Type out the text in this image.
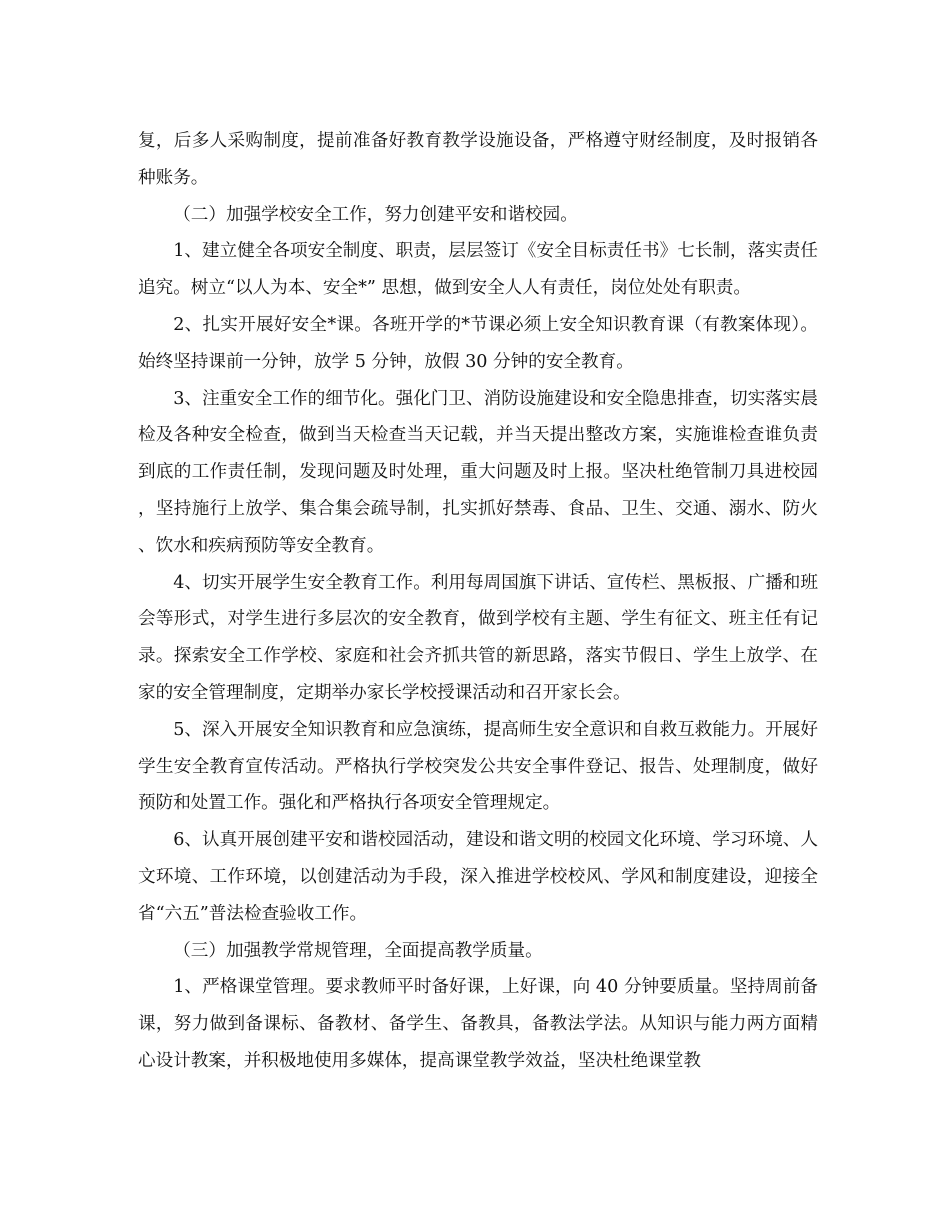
复，后多人采购制度，提前准备好教育教学设施设备，严格遵守财经制度，及时报销各种账务。

（二）加强学校安全工作，努力创建平安和谐校园。

1、建立健全各项安全制度、职责，层层签订《安全目标责任书》七长制，落实责任追究。树立“以人为本、安全*” 思想，做到安全人人有责任，岗位处处有职责。

2、扎实开展好安全*课。各班开学的*节课必须上安全知识教育课（有教案体现）。始终坚持课前一分钟，放学 5 分钟，放假 30 分钟的安全教育。

3、注重安全工作的细节化。强化门卫、消防设施建设和安全隐患排查，切实落实晨检及各种安全检查，做到当天检查当天记载，并当天提出整改方案，实施谁检查谁负责到底的工作责任制，发现问题及时处理，重大问题及时上报。坚决杜绝管制刀具进校园，坚持施行上放学、集合集会疏导制，扎实抓好禁毒、食品、卫生、交通、溺水、防火、饮水和疾病预防等安全教育。

4、切实开展学生安全教育工作。利用每周国旗下讲话、宣传栏、黑板报、广播和班会等形式，对学生进行多层次的安全教育，做到学校有主题、学生有征文、班主任有记录。探索安全工作学校、家庭和社会齐抓共管的新思路，落实节假日、学生上放学、在家的安全管理制度，定期举办家长学校授课活动和召开家长会。

5、深入开展安全知识教育和应急演练，提高师生安全意识和自救互救能力。开展好学生安全教育宣传活动。严格执行学校突发公共安全事件登记、报告、处理制度，做好预防和处置工作。强化和严格执行各项安全管理规定。

6、认真开展创建平安和谐校园活动，建设和谐文明的校园文化环境、学习环境、人文环境、工作环境，以创建活动为手段，深入推进学校校风、学风和制度建设，迎接全省“六五”普法检查验收工作。

（三）加强教学常规管理，全面提高教学质量。

1、严格课堂管理。要求教师平时备好课，上好课，向 40 分钟要质量。坚持周前备课，努力做到备课标、备教材、备学生、备教具，备教法学法。从知识与能力两方面精心设计教案，并积极地使用多媒体，提高课堂教学效益，坚决杜绝课堂教
